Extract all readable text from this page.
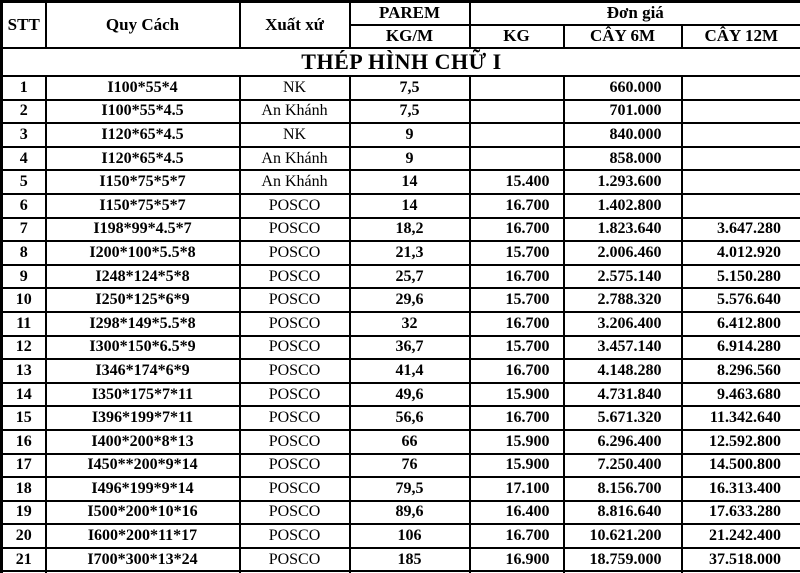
STT	Quy Cách	Xuất xứ	PAREM	Đơn giá		
			KG/M	KG	CÂY 6M	CÂY 12M
THÉP HÌNH CHỮ I						
1	I100*55*4	NK	7,5		660.000	
2	I100*55*4.5	An Khánh	7,5		701.000	
3	I120*65*4.5	NK	9		840.000	
4	I120*65*4.5	An Khánh	9		858.000	
5	I150*75*5*7	An Khánh	14	15.400	1.293.600	
6	I150*75*5*7	POSCO	14	16.700	1.402.800	
7	I198*99*4.5*7	POSCO	18,2	16.700	1.823.640	3.647.280
8	I200*100*5.5*8	POSCO	21,3	15.700	2.006.460	4.012.920
9	I248*124*5*8	POSCO	25,7	16.700	2.575.140	5.150.280
10	I250*125*6*9	POSCO	29,6	15.700	2.788.320	5.576.640
11	I298*149*5.5*8	POSCO	32	16.700	3.206.400	6.412.800
12	I300*150*6.5*9	POSCO	36,7	15.700	3.457.140	6.914.280
13	I346*174*6*9	POSCO	41,4	16.700	4.148.280	8.296.560
14	I350*175*7*11	POSCO	49,6	15.900	4.731.840	9.463.680
15	I396*199*7*11	POSCO	56,6	16.700	5.671.320	11.342.640
16	I400*200*8*13	POSCO	66	15.900	6.296.400	12.592.800
17	I450**200*9*14	POSCO	76	15.900	7.250.400	14.500.800
18	I496*199*9*14	POSCO	79,5	17.100	8.156.700	16.313.400
19	I500*200*10*16	POSCO	89,6	16.400	8.816.640	17.633.280
20	I600*200*11*17	POSCO	106	16.700	10.621.200	21.242.400
21	I700*300*13*24	POSCO	185	16.900	18.759.000	37.518.000
